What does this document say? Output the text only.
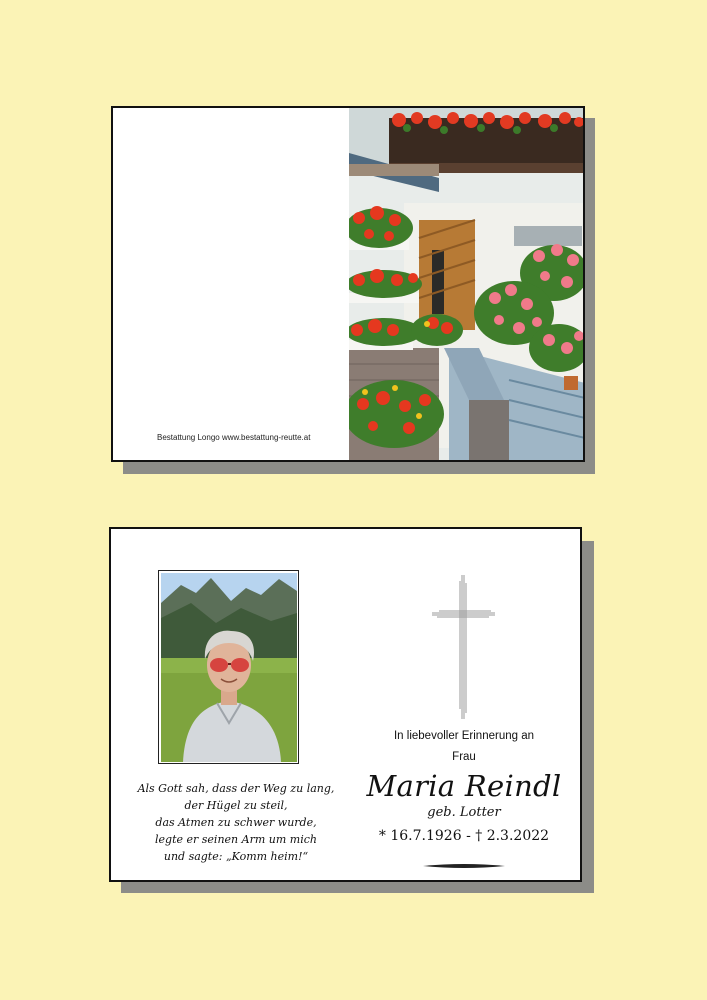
Bestattung Longo www.bestattung-reutte.at
Als Gott sah, dass der Weg zu lang,
der Hügel zu steil,
das Atmen zu schwer wurde,
legte er seinen Arm um mich
und sagte: „Komm heim!“
In liebevoller Erinnerung an
Frau
Maria Reindl
geb. Lotter
* 16.7.1926 - † 2.3.2022
